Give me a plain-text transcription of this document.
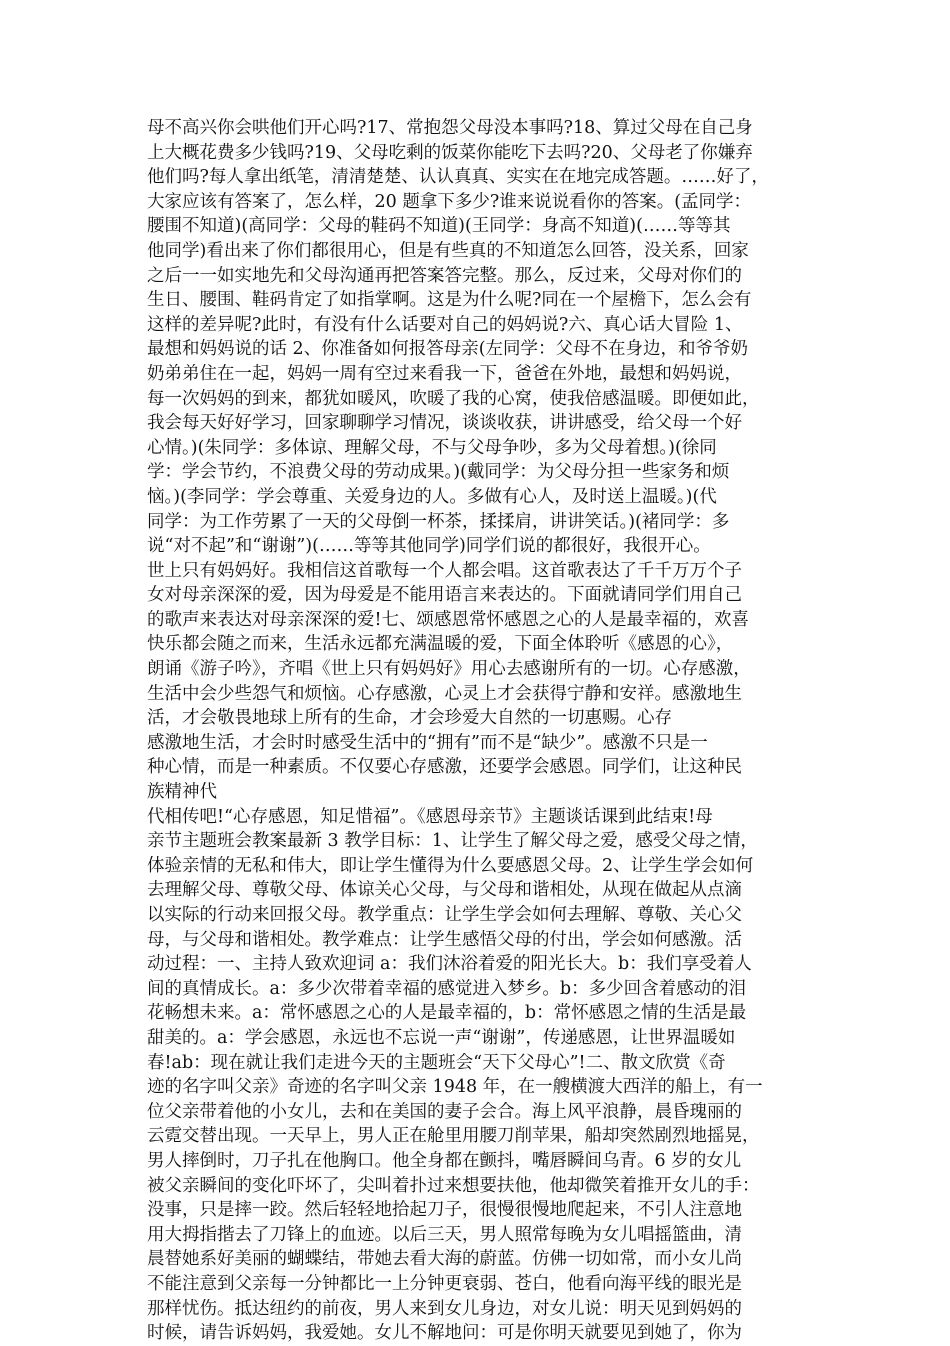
母不高兴你会哄他们开心吗?17、常抱怨父母没本事吗?18、算过父母在自己身
上大概花费多少钱吗?19、父母吃剩的饭菜你能吃下去吗?20、父母老了你嫌弃
他们吗?每人拿出纸笔，清清楚楚、认认真真、实实在在地完成答题。……好了，
大家应该有答案了，怎么样，20 题拿下多少?谁来说说看你的答案。(孟同学：
腰围不知道)(高同学：父母的鞋码不知道)(王同学：身高不知道)(……等等其
他同学)看出来了你们都很用心，但是有些真的不知道怎么回答，没关系，回家
之后一一如实地先和父母沟通再把答案答完整。那么，反过来，父母对你们的
生日、腰围、鞋码肯定了如指掌啊。这是为什么呢?同在一个屋檐下，怎么会有
这样的差异呢?此时，有没有什么话要对自己的妈妈说?六、真心话大冒险 1、
最想和妈妈说的话 2、你准备如何报答母亲(左同学：父母不在身边，和爷爷奶
奶弟弟住在一起，妈妈一周有空过来看我一下，爸爸在外地，最想和妈妈说，
每一次妈妈的到来，都犹如暖风，吹暖了我的心窝，使我倍感温暖。即便如此，
我会每天好好学习，回家聊聊学习情况，谈谈收获，讲讲感受，给父母一个好
心情。)(朱同学：多体谅、理解父母，不与父母争吵，多为父母着想。)(徐同
学：学会节约，不浪费父母的劳动成果。)(戴同学：为父母分担一些家务和烦
恼。)(李同学：学会尊重、关爱身边的人。多做有心人，及时送上温暖。)(代
同学：为工作劳累了一天的父母倒一杯茶，揉揉肩，讲讲笑话。)(褚同学：多
说“对不起”和“谢谢”)(……等等其他同学)同学们说的都很好，我很开心。
世上只有妈妈好。我相信这首歌每一个人都会唱。这首歌表达了千千万万个子
女对母亲深深的爱，因为母爱是不能用语言来表达的。下面就请同学们用自己
的歌声来表达对母亲深深的爱!七、颂感恩常怀感恩之心的人是最幸福的，欢喜
快乐都会随之而来，生活永远都充满温暖的爱，下面全体聆听《感恩的心》，
朗诵《游子吟》，齐唱《世上只有妈妈好》用心去感谢所有的一切。心存感激，
生活中会少些怨气和烦恼。心存感激，心灵上才会获得宁静和安祥。感激地生
活，才会敬畏地球上所有的生命，才会珍爱大自然的一切惠赐。心存
感激地生活，才会时时感受生活中的“拥有”而不是“缺少”。感激不只是一
种心情，而是一种素质。不仅要心存感激，还要学会感恩。同学们，让这种民
族精神代
代相传吧!“心存感恩，知足惜福”。《感恩母亲节》主题谈话课到此结束!母
亲节主题班会教案最新 3 教学目标：1、让学生了解父母之爱，感受父母之情，
体验亲情的无私和伟大，即让学生懂得为什么要感恩父母。2、让学生学会如何
去理解父母、尊敬父母、体谅关心父母，与父母和谐相处，从现在做起从点滴
以实际的行动来回报父母。教学重点：让学生学会如何去理解、尊敬、关心父
母，与父母和谐相处。教学难点：让学生感悟父母的付出，学会如何感激。活
动过程：一、主持人致欢迎词 a：我们沐浴着爱的阳光长大。b：我们享受着人
间的真情成长。a：多少次带着幸福的感觉进入梦乡。b：多少回含着感动的泪
花畅想未来。a：常怀感恩之心的人是最幸福的，b：常怀感恩之情的生活是最
甜美的。a：学会感恩，永远也不忘说一声“谢谢”，传递感恩，让世界温暖如
春!ab：现在就让我们走进今天的主题班会“天下父母心”!二、散文欣赏《奇
迹的名字叫父亲》奇迹的名字叫父亲 1948 年，在一艘横渡大西洋的船上，有一
位父亲带着他的小女儿，去和在美国的妻子会合。海上风平浪静，晨昏瑰丽的
云霓交替出现。一天早上，男人正在舱里用腰刀削苹果，船却突然剧烈地摇晃，
男人摔倒时，刀子扎在他胸口。他全身都在颤抖，嘴唇瞬间乌青。6 岁的女儿
被父亲瞬间的变化吓坏了，尖叫着扑过来想要扶他，他却微笑着推开女儿的手：
没事，只是摔一跤。然后轻轻地拾起刀子，很慢很慢地爬起来，不引人注意地
用大拇指揩去了刀锋上的血迹。以后三天，男人照常每晚为女儿唱摇篮曲，清
晨替她系好美丽的蝴蝶结，带她去看大海的蔚蓝。仿佛一切如常，而小女儿尚
不能注意到父亲每一分钟都比一上分钟更衰弱、苍白，他看向海平线的眼光是
那样忧伤。抵达纽约的前夜，男人来到女儿身边，对女儿说：明天见到妈妈的
时候，请告诉妈妈，我爱她。女儿不解地问：可是你明天就要见到她了，你为
